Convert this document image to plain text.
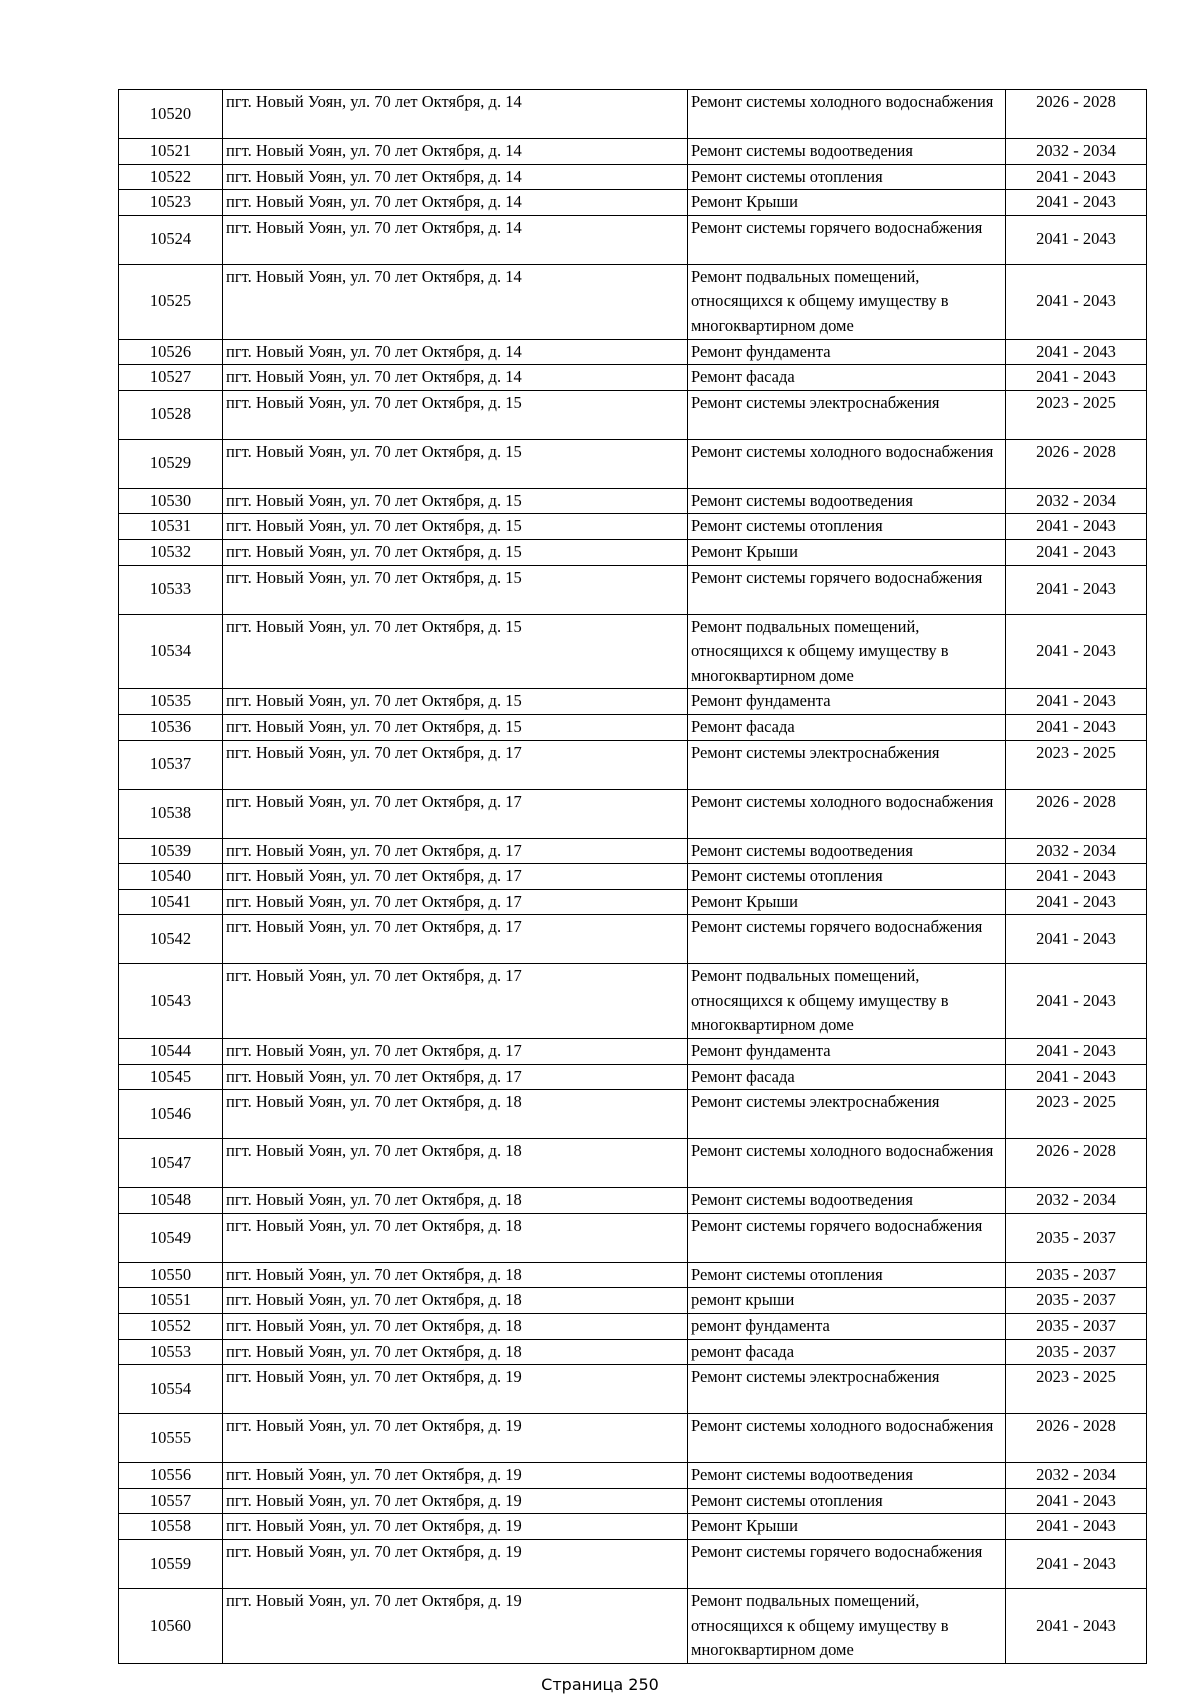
10520	пгт. Новый Уоян, ул. 70 лет Октября, д. 14	Ремонт системы холодного водоснабжения	2026 - 2028
10521	пгт. Новый Уоян, ул. 70 лет Октября, д. 14	Ремонт системы водоотведения	2032 - 2034
10522	пгт. Новый Уоян, ул. 70 лет Октября, д. 14	Ремонт системы отопления	2041 - 2043
10523	пгт. Новый Уоян, ул. 70 лет Октября, д. 14	Ремонт Крыши	2041 - 2043
10524	пгт. Новый Уоян, ул. 70 лет Октября, д. 14	Ремонт системы горячего водоснабжения	2041 - 2043
10525	пгт. Новый Уоян, ул. 70 лет Октября, д. 14	Ремонт подвальных помещений, относящихся к общему имуществу в многоквартирном доме	2041 - 2043
10526	пгт. Новый Уоян, ул. 70 лет Октября, д. 14	Ремонт фундамента	2041 - 2043
10527	пгт. Новый Уоян, ул. 70 лет Октября, д. 14	Ремонт фасада	2041 - 2043
10528	пгт. Новый Уоян, ул. 70 лет Октября, д. 15	Ремонт системы электроснабжения	2023 - 2025
10529	пгт. Новый Уоян, ул. 70 лет Октября, д. 15	Ремонт системы холодного водоснабжения	2026 - 2028
10530	пгт. Новый Уоян, ул. 70 лет Октября, д. 15	Ремонт системы водоотведения	2032 - 2034
10531	пгт. Новый Уоян, ул. 70 лет Октября, д. 15	Ремонт системы отопления	2041 - 2043
10532	пгт. Новый Уоян, ул. 70 лет Октября, д. 15	Ремонт Крыши	2041 - 2043
10533	пгт. Новый Уоян, ул. 70 лет Октября, д. 15	Ремонт системы горячего водоснабжения	2041 - 2043
10534	пгт. Новый Уоян, ул. 70 лет Октября, д. 15	Ремонт подвальных помещений, относящихся к общему имуществу в многоквартирном доме	2041 - 2043
10535	пгт. Новый Уоян, ул. 70 лет Октября, д. 15	Ремонт фундамента	2041 - 2043
10536	пгт. Новый Уоян, ул. 70 лет Октября, д. 15	Ремонт фасада	2041 - 2043
10537	пгт. Новый Уоян, ул. 70 лет Октября, д. 17	Ремонт системы электроснабжения	2023 - 2025
10538	пгт. Новый Уоян, ул. 70 лет Октября, д. 17	Ремонт системы холодного водоснабжения	2026 - 2028
10539	пгт. Новый Уоян, ул. 70 лет Октября, д. 17	Ремонт системы водоотведения	2032 - 2034
10540	пгт. Новый Уоян, ул. 70 лет Октября, д. 17	Ремонт системы отопления	2041 - 2043
10541	пгт. Новый Уоян, ул. 70 лет Октября, д. 17	Ремонт Крыши	2041 - 2043
10542	пгт. Новый Уоян, ул. 70 лет Октября, д. 17	Ремонт системы горячего водоснабжения	2041 - 2043
10543	пгт. Новый Уоян, ул. 70 лет Октября, д. 17	Ремонт подвальных помещений, относящихся к общему имуществу в многоквартирном доме	2041 - 2043
10544	пгт. Новый Уоян, ул. 70 лет Октября, д. 17	Ремонт фундамента	2041 - 2043
10545	пгт. Новый Уоян, ул. 70 лет Октября, д. 17	Ремонт фасада	2041 - 2043
10546	пгт. Новый Уоян, ул. 70 лет Октября, д. 18	Ремонт системы электроснабжения	2023 - 2025
10547	пгт. Новый Уоян, ул. 70 лет Октября, д. 18	Ремонт системы холодного водоснабжения	2026 - 2028
10548	пгт. Новый Уоян, ул. 70 лет Октября, д. 18	Ремонт системы водоотведения	2032 - 2034
10549	пгт. Новый Уоян, ул. 70 лет Октября, д. 18	Ремонт системы горячего водоснабжения	2035 - 2037
10550	пгт. Новый Уоян, ул. 70 лет Октября, д. 18	Ремонт системы отопления	2035 - 2037
10551	пгт. Новый Уоян, ул. 70 лет Октября, д. 18	ремонт крыши	2035 - 2037
10552	пгт. Новый Уоян, ул. 70 лет Октября, д. 18	ремонт фундамента	2035 - 2037
10553	пгт. Новый Уоян, ул. 70 лет Октября, д. 18	ремонт фасада	2035 - 2037
10554	пгт. Новый Уоян, ул. 70 лет Октября, д. 19	Ремонт системы электроснабжения	2023 - 2025
10555	пгт. Новый Уоян, ул. 70 лет Октября, д. 19	Ремонт системы холодного водоснабжения	2026 - 2028
10556	пгт. Новый Уоян, ул. 70 лет Октября, д. 19	Ремонт системы водоотведения	2032 - 2034
10557	пгт. Новый Уоян, ул. 70 лет Октября, д. 19	Ремонт системы отопления	2041 - 2043
10558	пгт. Новый Уоян, ул. 70 лет Октября, д. 19	Ремонт Крыши	2041 - 2043
10559	пгт. Новый Уоян, ул. 70 лет Октября, д. 19	Ремонт системы горячего водоснабжения	2041 - 2043
10560	пгт. Новый Уоян, ул. 70 лет Октября, д. 19	Ремонт подвальных помещений, относящихся к общему имуществу в многоквартирном доме	2041 - 2043
Страница 250
